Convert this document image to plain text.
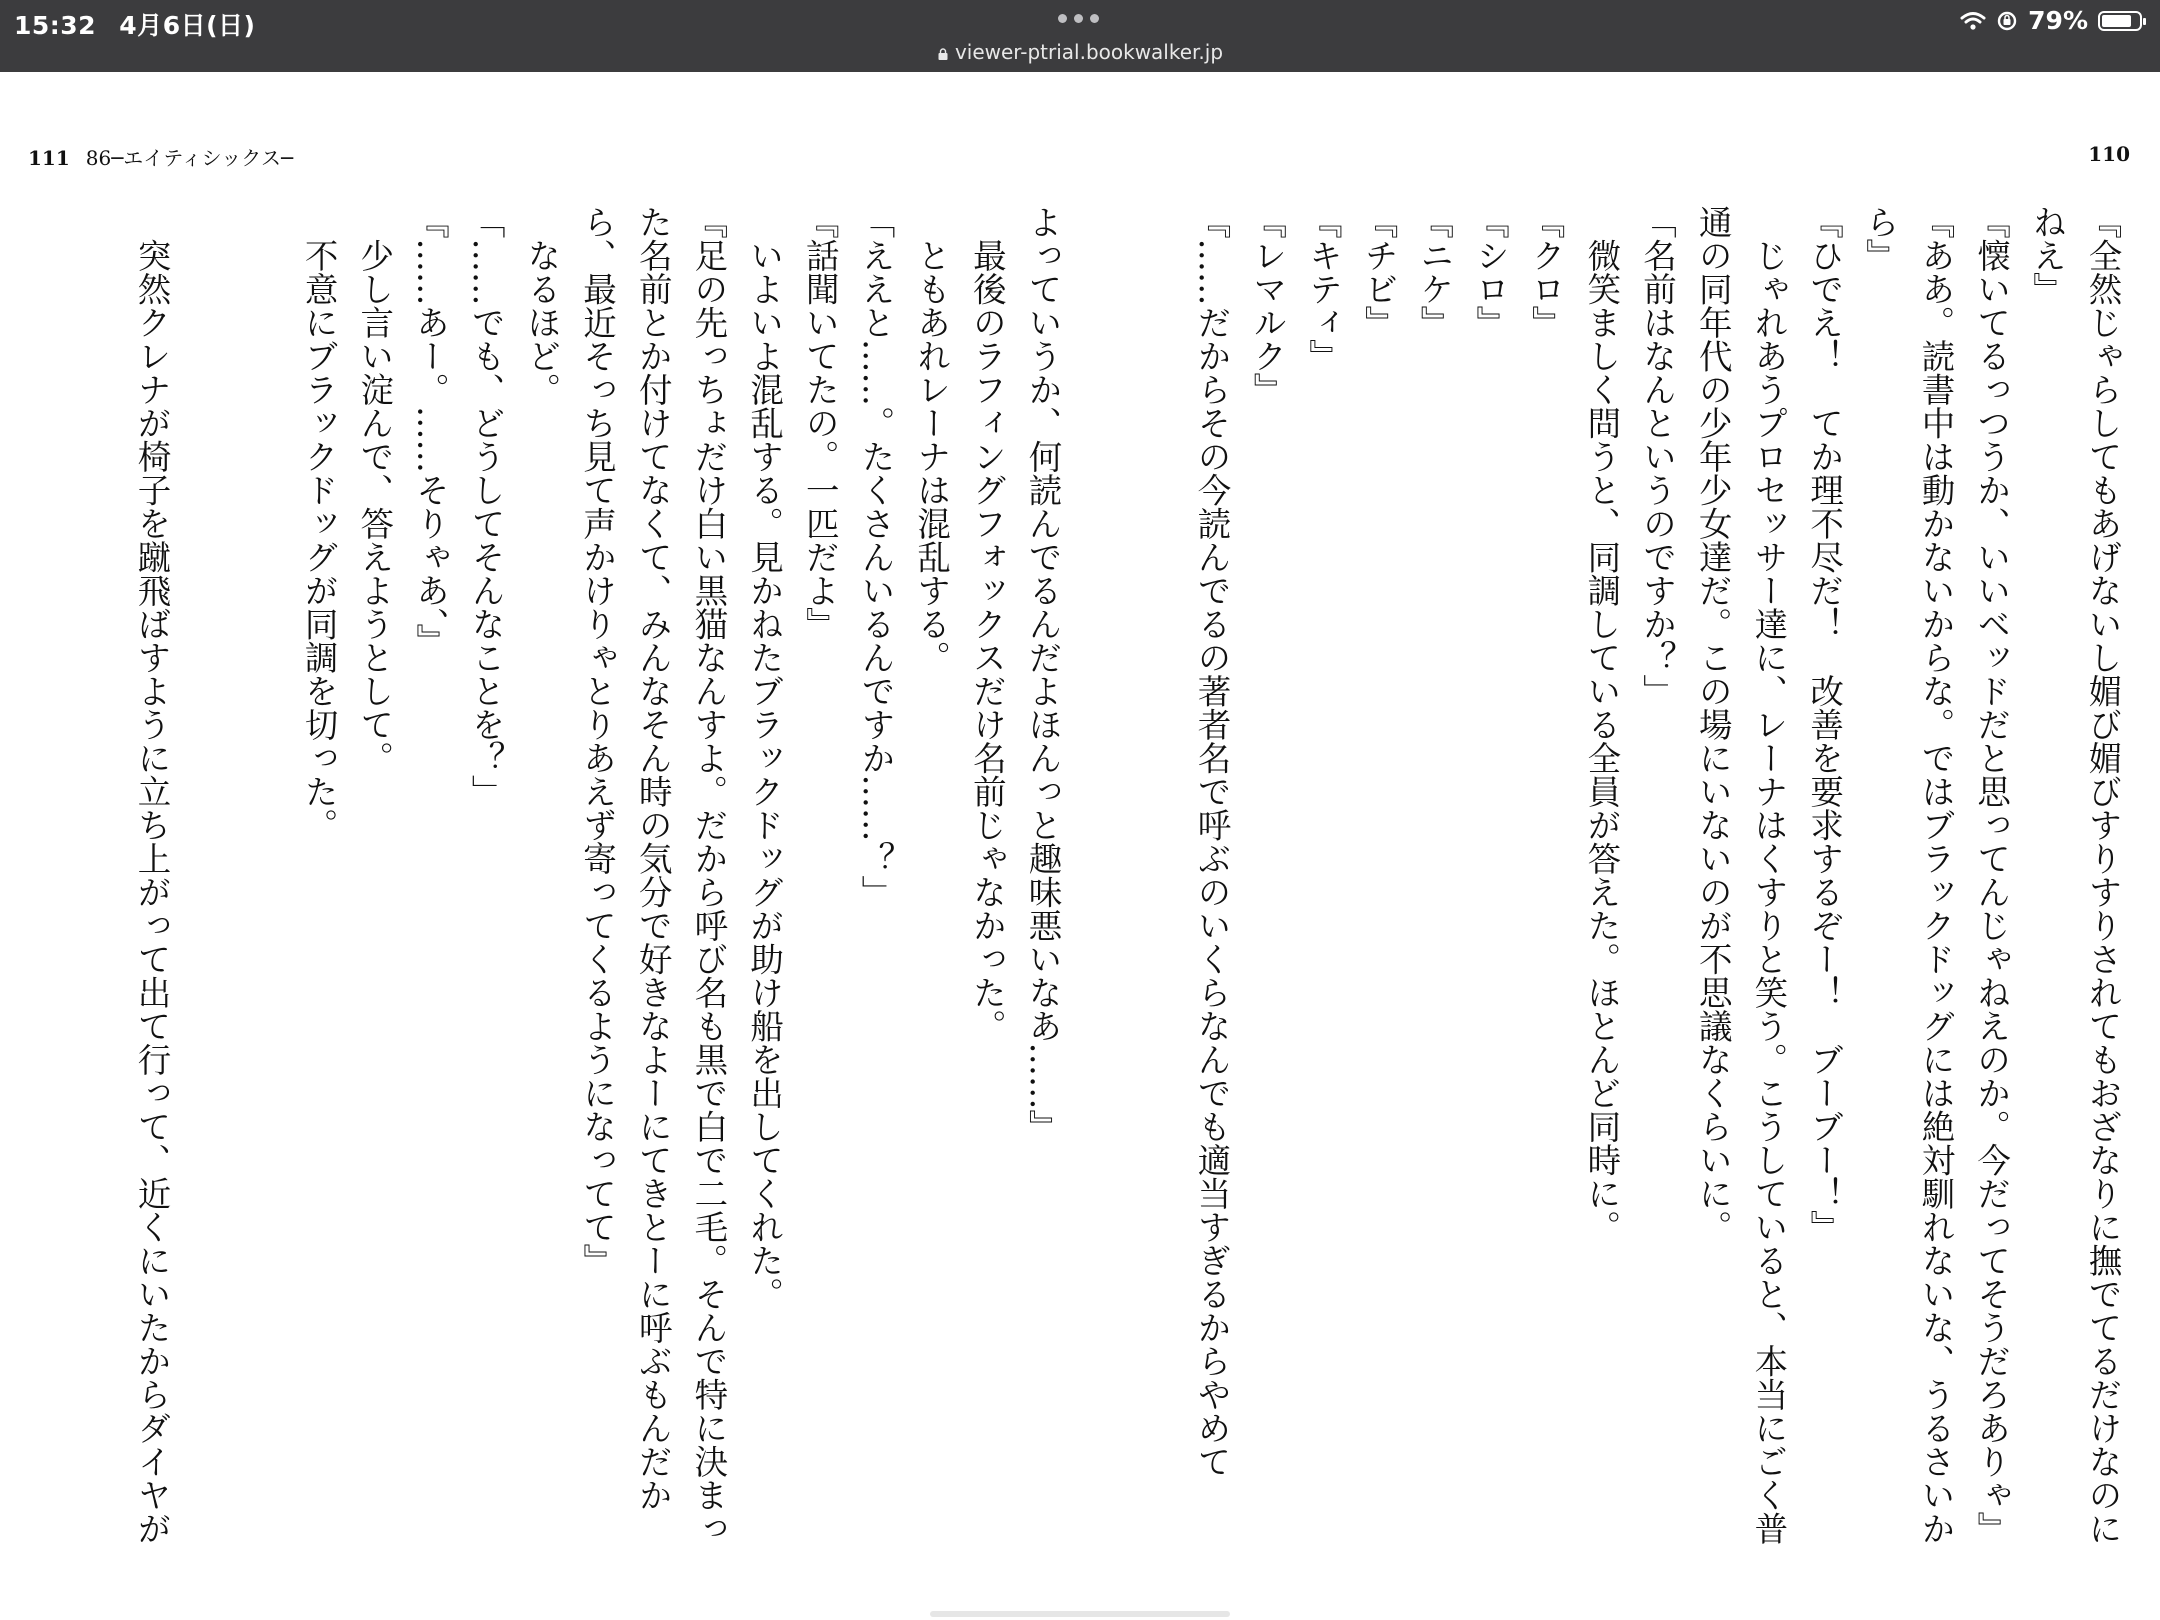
15:32 4月6日(日)
viewer-ptrial.bookwalker.jp
79%
111 86─エイティシックス─	110
『全然じゃらしてもあげないし媚び媚びすりすりされてもおざなりに撫でてるだけなのに
ねえ』
『懐いてるっつうか、いいベッドだと思ってんじゃねえのか。今だってそうだろありゃ』
『ああ。読書中は動かないからな。ではブラックドッグには絶対馴れないな、うるさいか
ら』
『ひでえ！　てか理不尽だ！　改善を要求するぞー！　ブーブー！』
　じゃれあうプロセッサー達に、レーナはくすりと笑う。こうしていると、本当にごく普
通の同年代の少年少女達だ。この場にいないのが不思議なくらいに。
「名前はなんというのですか？」
　微笑ましく問うと、同調している全員が答えた。ほとんど同時に。
『クロ』
『シロ』
『ニケ』
『チビ』
『キティ』
『レマルク』
『……だからその今読んでるの著者名で呼ぶのいくらなんでも適当すぎるからやめて
よっていうか、何読んでるんだよほんっと趣味悪いなあ……』
　最後のラフィングフォックスだけ名前じゃなかった。
　ともあれレーナは混乱する。
「ええと……。たくさんいるんですか……？」
『話聞いてたの。一匹だよ』
　いよいよ混乱する。見かねたブラックドッグが助け船を出してくれた。
『足の先っちょだけ白い黒猫なんすよ。だから呼び名も黒で白で二毛。そんで特に決まっ
た名前とか付けてなくて、みんなそん時の気分で好きなよーにてきとーに呼ぶもんだか
ら、最近そっち見て声かけりゃとりあえず寄ってくるようになってて』
　なるほど。
「……でも、どうしてそんなことを？」
『……あー。……そりゃあ、』
　少し言い淀んで、答えようとして。
　不意にブラックドッグが同調を切った。
　突然クレナが椅子を蹴飛ばすように立ち上がって出て行って、近くにいたからダイヤが
